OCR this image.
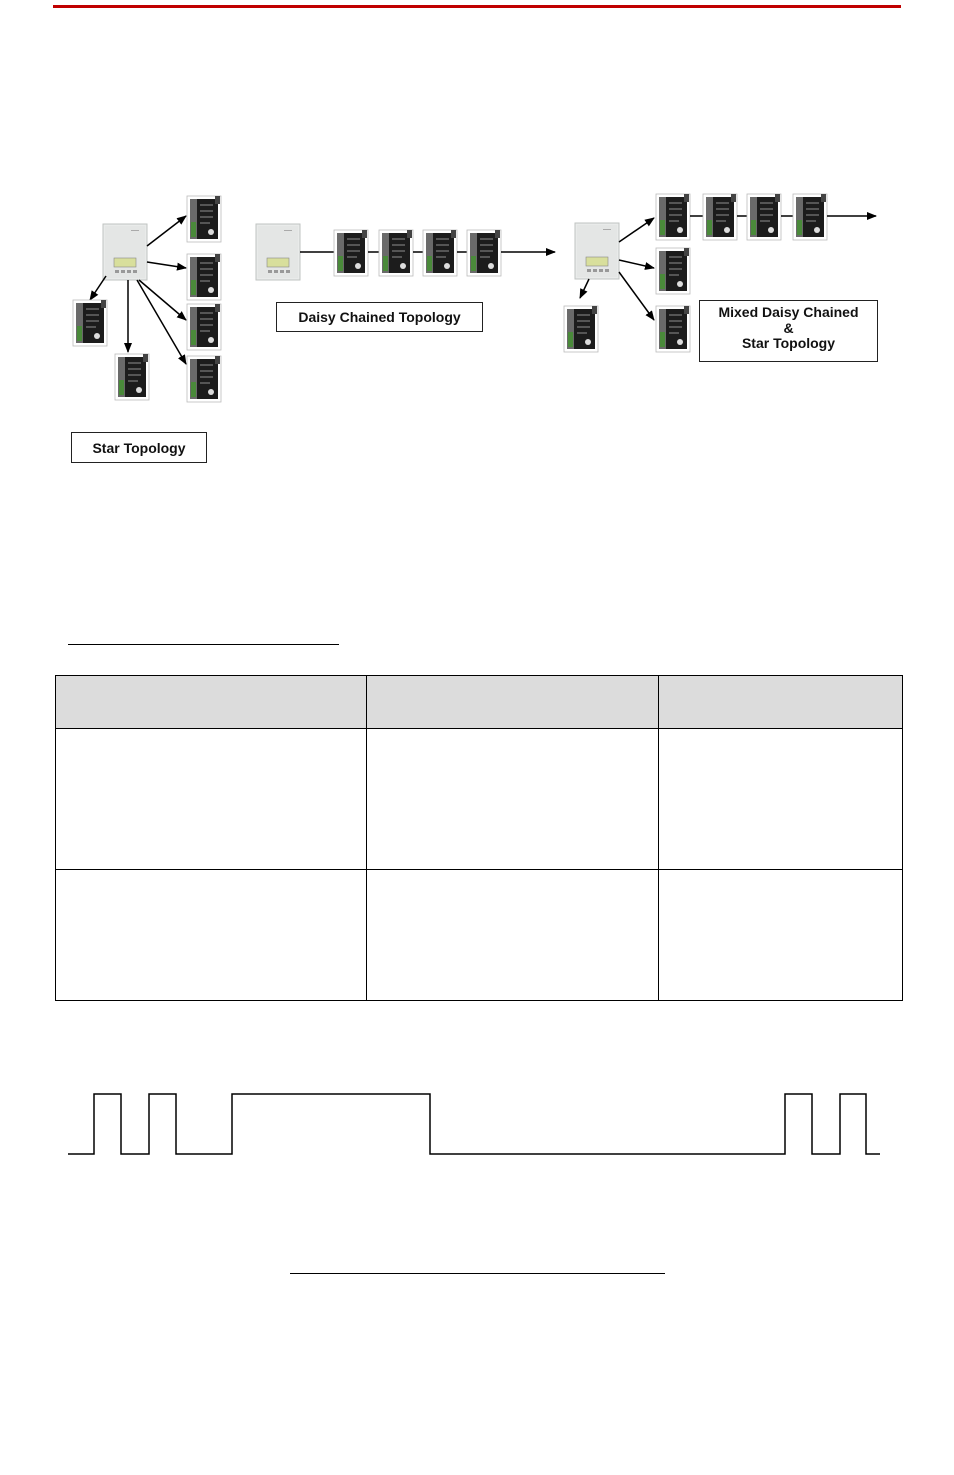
Star Topology
Daisy Chained Topology	Mixed Daisy Chained
&
Star Topology
